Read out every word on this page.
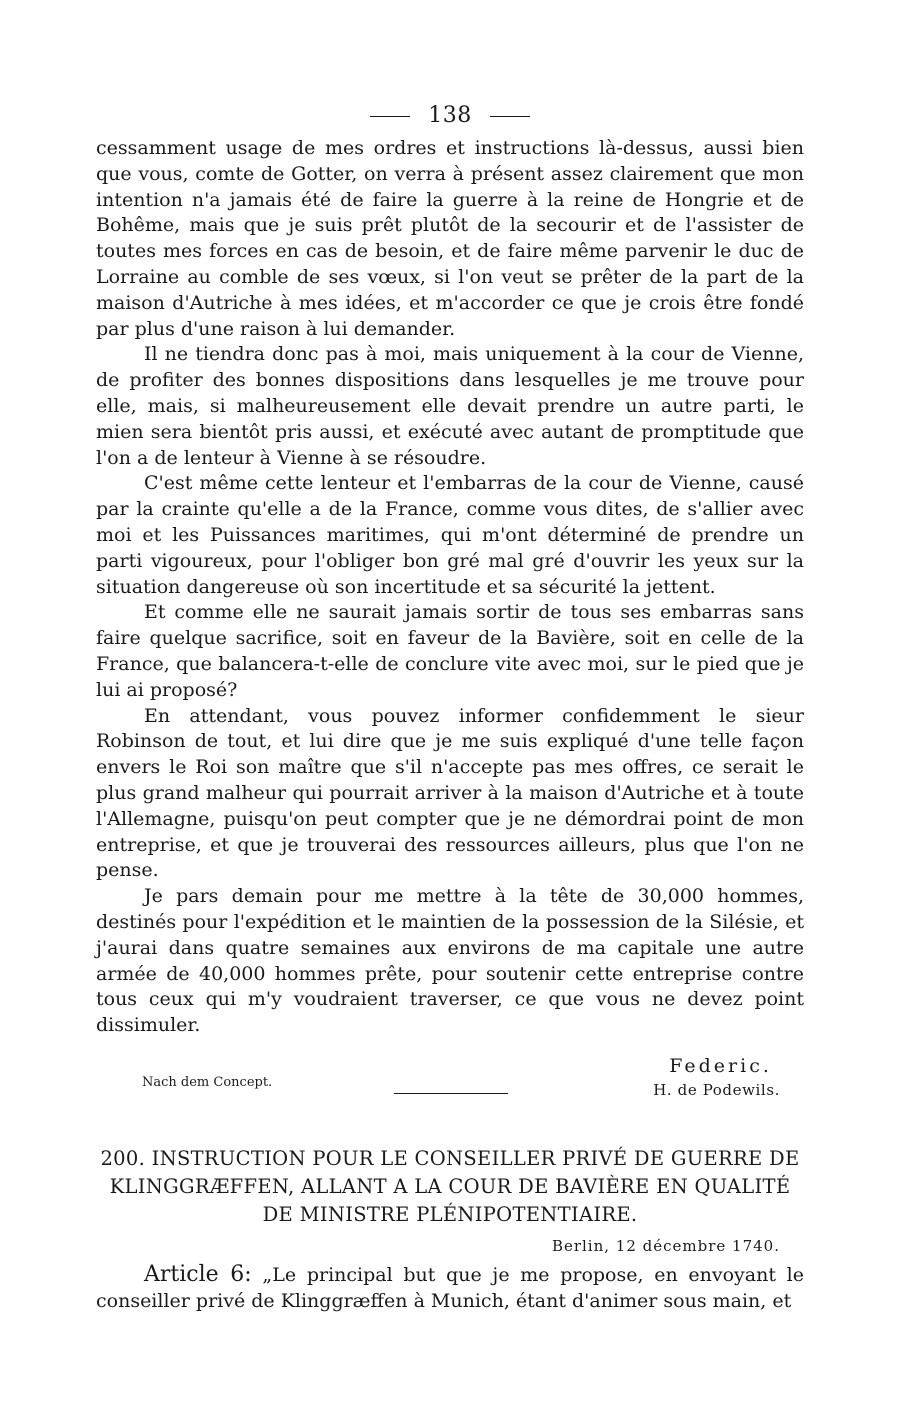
138

cessamment usage de mes ordres et instructions là-dessus, aussi bien que vous, comte de Gotter, on verra à présent assez clairement que mon intention n'a jamais été de faire la guerre à la reine de Hongrie et de Bohême, mais que je suis prêt plutôt de la secourir et de l'assister de toutes mes forces en cas de besoin, et de faire même parvenir le duc de Lorraine au comble de ses vœux, si l'on veut se prêter de la part de la maison d'Autriche à mes idées, et m'accorder ce que je crois être fondé par plus d'une raison à lui demander.

Il ne tiendra donc pas à moi, mais uniquement à la cour de Vienne, de profiter des bonnes dispositions dans lesquelles je me trouve pour elle, mais, si malheureusement elle devait prendre un autre parti, le mien sera bientôt pris aussi, et exécuté avec autant de promptitude que l'on a de lenteur à Vienne à se résoudre.

C'est même cette lenteur et l'embarras de la cour de Vienne, causé par la crainte qu'elle a de la France, comme vous dites, de s'allier avec moi et les Puissances maritimes, qui m'ont déterminé de prendre un parti vigoureux, pour l'obliger bon gré mal gré d'ouvrir les yeux sur la situation dangereuse où son incertitude et sa sécurité la jettent.

Et comme elle ne saurait jamais sortir de tous ses embarras sans faire quelque sacrifice, soit en faveur de la Bavière, soit en celle de la France, que balancera-t-elle de conclure vite avec moi, sur le pied que je lui ai proposé?

En attendant, vous pouvez informer confidemment le sieur Robinson de tout, et lui dire que je me suis expliqué d'une telle façon envers le Roi son maître que s'il n'accepte pas mes offres, ce serait le plus grand malheur qui pourrait arriver à la maison d'Autriche et à toute l'Allemagne, puisqu'on peut compter que je ne démordrai point de mon entreprise, et que je trouverai des ressources ailleurs, plus que l'on ne pense.

Je pars demain pour me mettre à la tête de 30,000 hommes, destinés pour l'expédition et le maintien de la possession de la Silésie, et j'aurai dans quatre semaines aux environs de ma capitale une autre armée de 40,000 hommes prête, pour soutenir cette entreprise contre tous ceux qui m'y voudraient traverser, ce que vous ne devez point dissimuler.

Nach dem Concept.
Federic.
H. de Podewils.
200. INSTRUCTION POUR LE CONSEILLER PRIVÉ DE GUERRE DE KLINGGRÆFFEN, ALLANT A LA COUR DE BAVIÈRE EN QUALITÉ DE MINISTRE PLÉNIPOTENTIAIRE.
Berlin, 12 décembre 1740.
Article 6: „Le principal but que je me propose, en envoyant le conseiller privé de Klinggræffen à Munich, étant d'animer sous main, et
